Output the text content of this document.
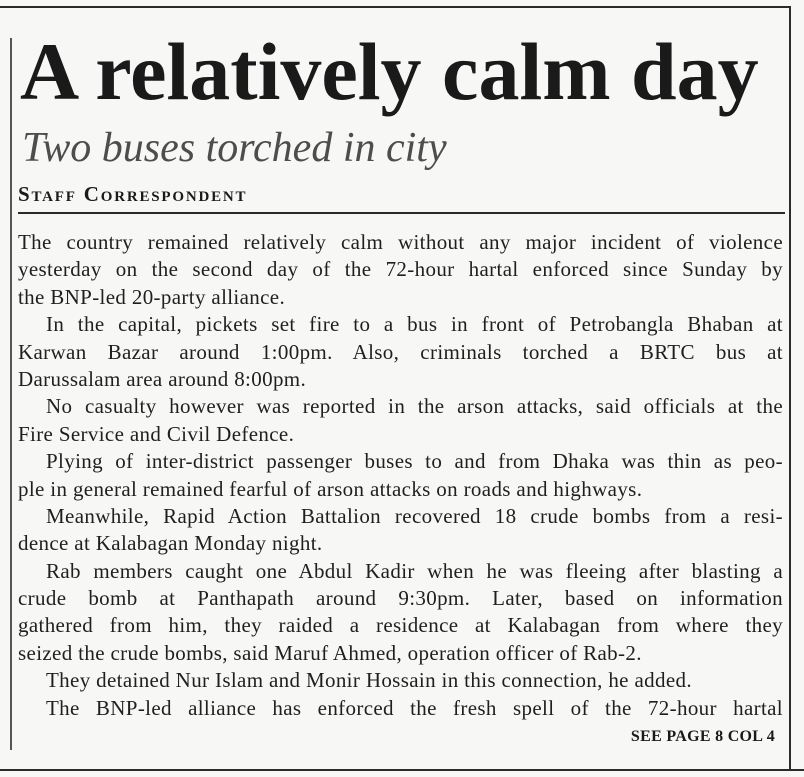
A relatively calm day
Two buses torched in city
Staff Correspondent
The country remained relatively calm without any major incident of violence
yesterday on the second day of the 72-hour hartal enforced since Sunday by
the BNP-led 20-party alliance.
In the capital, pickets set fire to a bus in front of Petrobangla Bhaban at
Karwan Bazar around 1:00pm. Also, criminals torched a BRTC bus at
Darussalam area around 8:00pm.
No casualty however was reported in the arson attacks, said officials at the
Fire Service and Civil Defence.
Plying of inter-district passenger buses to and from Dhaka was thin as peo-
ple in general remained fearful of arson attacks on roads and highways.
Meanwhile, Rapid Action Battalion recovered 18 crude bombs from a resi-
dence at Kalabagan Monday night.
Rab members caught one Abdul Kadir when he was fleeing after blasting a
crude bomb at Panthapath around 9:30pm. Later, based on information
gathered from him, they raided a residence at Kalabagan from where they
seized the crude bombs, said Maruf Ahmed, operation officer of Rab-2.
They detained Nur Islam and Monir Hossain in this connection, he added.
The BNP-led alliance has enforced the fresh spell of the 72-hour hartal
SEE PAGE 8 COL 4
